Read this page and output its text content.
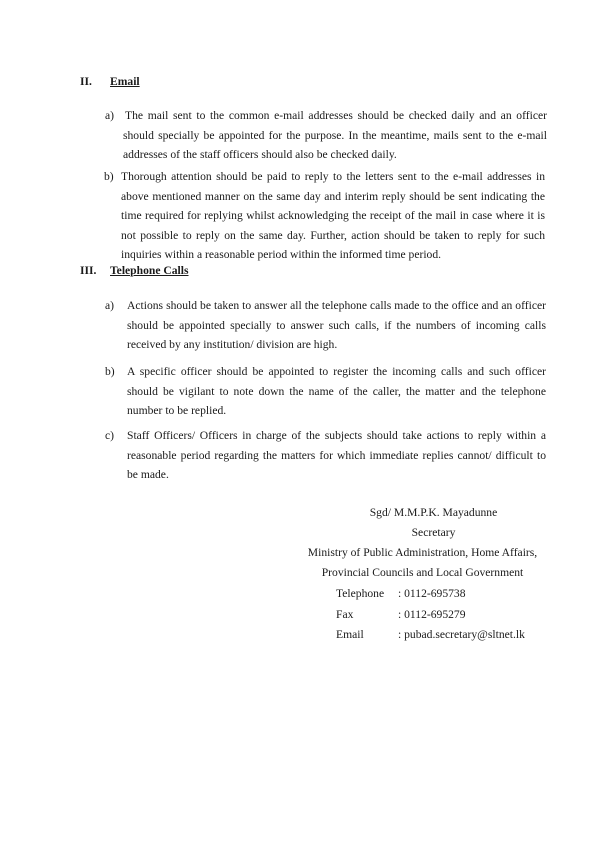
II. Email
a) The mail sent to the common e-mail addresses should be checked daily and an officer should specially be appointed for the purpose. In the meantime, mails sent to the e-mail addresses of the staff officers should also be checked daily.
b) Thorough attention should be paid to reply to the letters sent to the e-mail addresses in above mentioned manner on the same day and interim reply should be sent indicating the time required for replying whilst acknowledging the receipt of the mail in case where it is not possible to reply on the same day. Further, action should be taken to reply for such inquiries within a reasonable period within the informed time period.
III. Telephone Calls
a) Actions should be taken to answer all the telephone calls made to the office and an officer should be appointed specially to answer such calls, if the numbers of incoming calls received by any institution/ division are high.
b) A specific officer should be appointed to register the incoming calls and such officer should be vigilant to note down the name of the caller, the matter and the telephone number to be replied.
c) Staff Officers/ Officers in charge of the subjects should take actions to reply within a reasonable period regarding the matters for which immediate replies cannot/ difficult to be made.
Sgd/ M.M.P.K. Mayadunne
Secretary
Ministry of Public Administration, Home Affairs,
Provincial Councils and Local Government
Telephone	: 0112-695738
Fax	: 0112-695279
Email	: pubad.secretary@sltnet.lk
